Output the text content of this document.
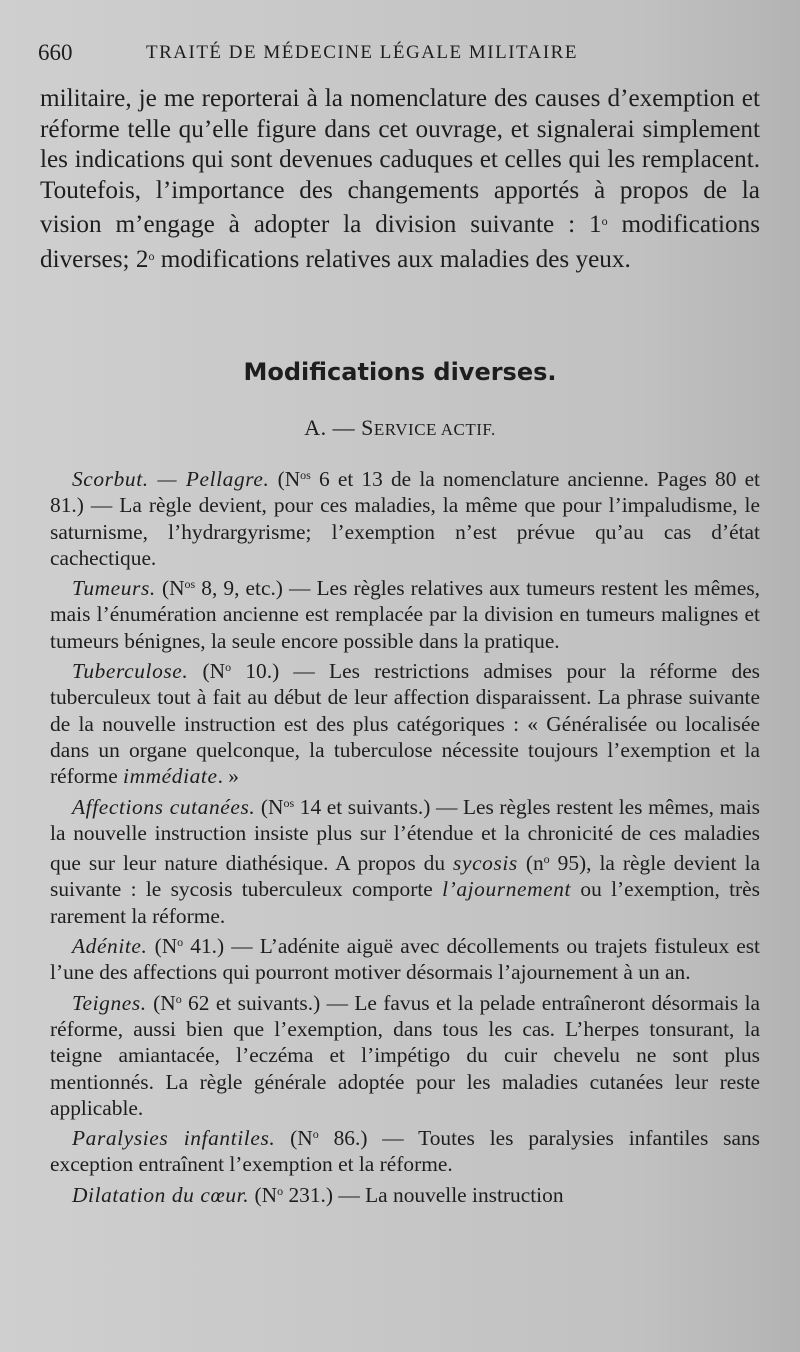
660	TRAITÉ DE MÉDECINE LÉGALE MILITAIRE
militaire, je me reporterai à la nomenclature des causes d’exemption et réforme telle qu’elle figure dans cet ouvrage, et signalerai simplement les indications qui sont devenues caduques et celles qui les remplacent. Toutefois, l’importance des changements apportés à propos de la vision m’engage à adopter la division suivante : 1$^o$ modifications diverses; 2$^o$ modifications relatives aux maladies des yeux.
Modifications diverses.
A. — SERVICE ACTIF.

Scorbut. — Pellagre. ($N^{os}$ 6 et 13 de la nomenclature ancienne. Pages 80 et 81.) — La règle devient, pour ces maladies, la même que pour l’impaludisme, le saturnisme, l’hydrargyrisme; l’exemption n’est prévue qu’au cas d’état cachectique.

Tumeurs. ($N^{os}$ 8, 9, etc.) — Les règles relatives aux tumeurs restent les mêmes, mais l’énumération ancienne est remplacée par la division en tumeurs malignes et tumeurs bénignes, la seule encore possible dans la pratique.

Tuberculose. ($N^o$ 10.) — Les restrictions admises pour la réforme des tuberculeux tout à fait au début de leur affection disparaissent. La phrase suivante de la nouvelle instruction est des plus catégoriques : « Généralisée ou localisée dans un organe quelconque, la tuberculose nécessite toujours l’exemption et la réforme immédiate. »

Affections cutanées. ($N^{os}$ 14 et suivants.) — Les règles restent les mêmes, mais la nouvelle instruction insiste plus sur l’étendue et la chronicité de ces maladies que sur leur nature diathésique. A propos du sycosis ($n^o$ 95), la règle devient la suivante : le sycosis tuberculeux comporte l’ajournement ou l’exemption, très rarement la réforme.

Adénite. ($N^o$ 41.) — L’adénite aiguë avec décollements ou trajets fistuleux est l’une des affections qui pourront motiver désormais l’ajournement à un an.

Teignes. ($N^o$ 62 et suivants.) — Le favus et la pelade entraîneront désormais la réforme, aussi bien que l’exemption, dans tous les cas. L’herpes tonsurant, la teigne amiantacée, l’eczéma et l’impétigo du cuir chevelu ne sont plus mentionnés. La règle générale adoptée pour les maladies cutanées leur reste applicable.

Paralysies infantiles. ($N^o$ 86.) — Toutes les paralysies infantiles sans exception entraînent l’exemption et la réforme.

Dilatation du cœur. ($N^o$ 231.) — La nouvelle instruction
